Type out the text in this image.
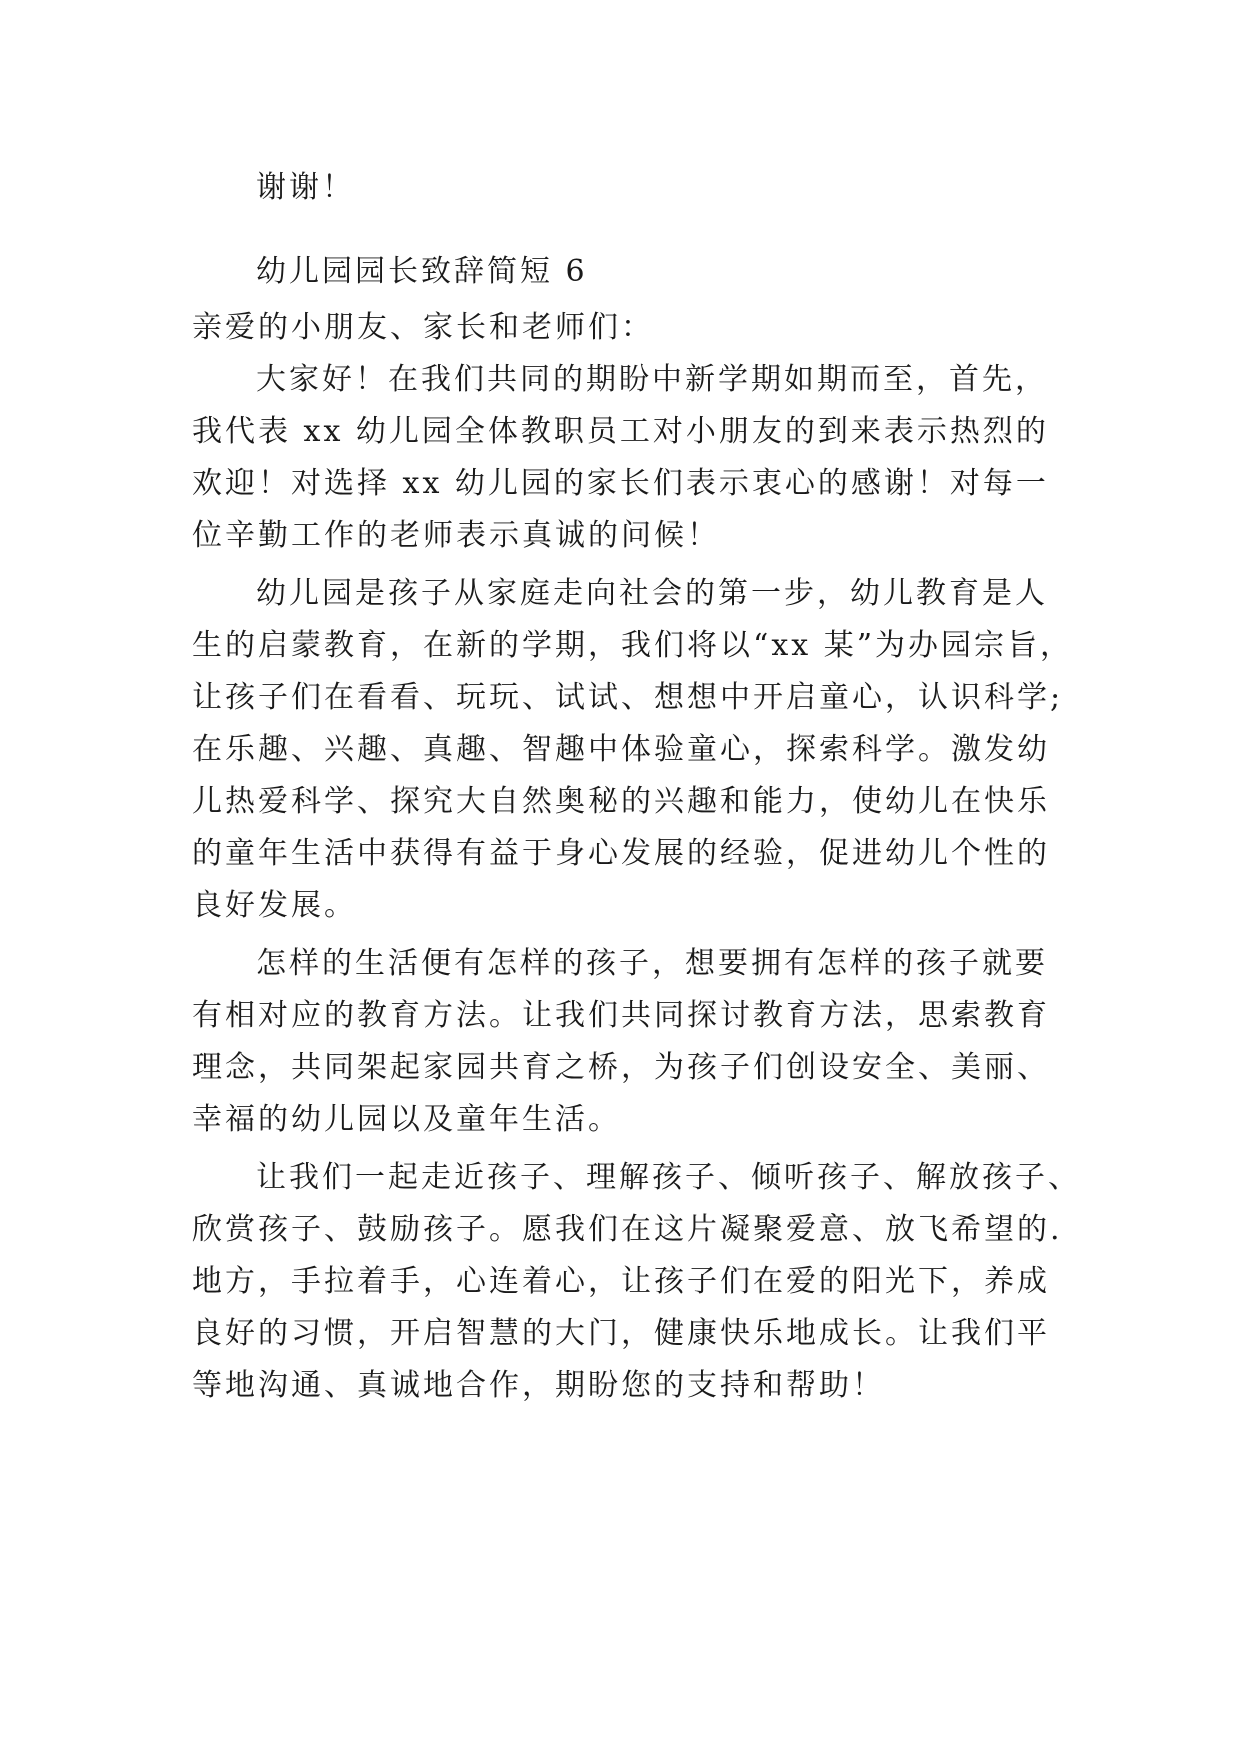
谢谢！
幼儿园园长致辞简短 6
亲爱的小朋友、家长和老师们：
大家好！在我们共同的期盼中新学期如期而至，首先，
我代表 xx 幼儿园全体教职员工对小朋友的到来表示热烈的
欢迎！对选择 xx 幼儿园的家长们表示衷心的感谢！对每一
位辛勤工作的老师表示真诚的问候！
幼儿园是孩子从家庭走向社会的第一步，幼儿教育是人
生的启蒙教育，在新的学期，我们将以“xx 某”为办园宗旨，
让孩子们在看看、玩玩、试试、想想中开启童心，认识科学;
在乐趣、兴趣、真趣、智趣中体验童心，探索科学。激发幼
儿热爱科学、探究大自然奥秘的兴趣和能力，使幼儿在快乐
的童年生活中获得有益于身心发展的经验，促进幼儿个性的
良好发展。
怎样的生活便有怎样的孩子，想要拥有怎样的孩子就要
有相对应的教育方法。让我们共同探讨教育方法，思索教育
理念，共同架起家园共育之桥，为孩子们创设安全、美丽、
幸福的幼儿园以及童年生活。
让我们一起走近孩子、理解孩子、倾听孩子、解放孩子、
欣赏孩子、鼓励孩子。愿我们在这片凝聚爱意、放飞希望的.
地方，手拉着手，心连着心，让孩子们在爱的阳光下，养成
良好的习惯，开启智慧的大门，健康快乐地成长。让我们平
等地沟通、真诚地合作，期盼您的支持和帮助！
